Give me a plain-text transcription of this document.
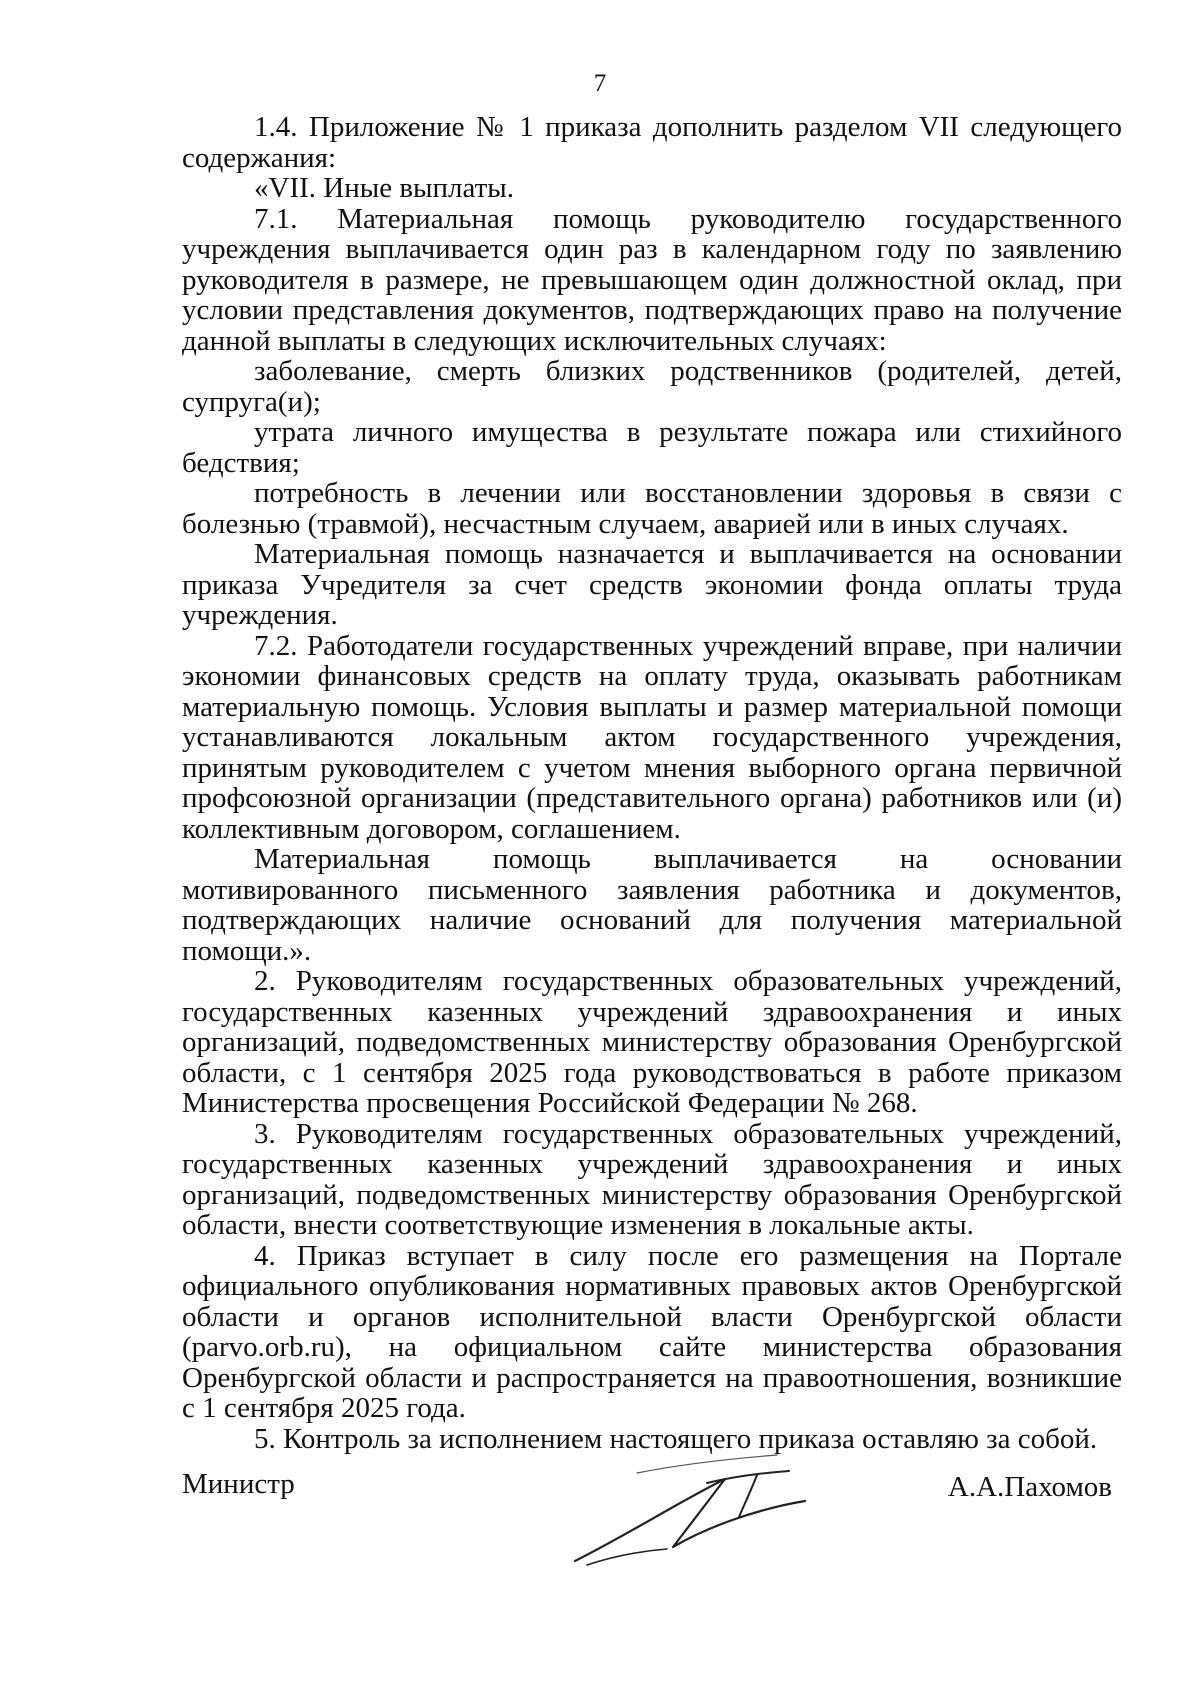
7

1.4. Приложение № 1 приказа дополнить разделом VII следующего содержания:

«VII. Иные выплаты.

7.1. Материальная помощь руководителю государственного учреждения выплачивается один раз в календарном году по заявлению руководителя в размере, не превышающем один должностной оклад, при условии представления документов, подтверждающих право на получение данной выплаты в следующих исключительных случаях:

заболевание, смерть близких родственников (родителей, детей, супруга(и);

утрата личного имущества в результате пожара или стихийного бедствия;

потребность в лечении или восстановлении здоровья в связи с болезнью (травмой), несчастным случаем, аварией или в иных случаях.

Материальная помощь назначается и выплачивается на основании приказа Учредителя за счет средств экономии фонда оплаты труда учреждения.

7.2. Работодатели государственных учреждений вправе, при наличии экономии финансовых средств на оплату труда, оказывать работникам материальную помощь. Условия выплаты и размер материальной помощи устанавливаются локальным актом государственного учреждения, принятым руководителем с учетом мнения выборного органа первичной профсоюзной организации (представительного органа) работников или (и) коллективным договором, соглашением.

Материальная помощь выплачивается на основании мотивированного письменного заявления работника и документов, подтверждающих наличие оснований для получения материальной помощи.».

2. Руководителям государственных образовательных учреждений, государственных казенных учреждений здравоохранения и иных организаций, подведомственных министерству образования Оренбургской области, с 1 сентября 2025 года руководствоваться в работе приказом Министерства просвещения Российской Федерации № 268.

3. Руководителям государственных образовательных учреждений, государственных казенных учреждений здравоохранения и иных организаций, подведомственных министерству образования Оренбургской области, внести соответствующие изменения в локальные акты.

4. Приказ вступает в силу после его размещения на Портале официального опубликования нормативных правовых актов Оренбургской области и органов исполнительной власти Оренбургской области (parvo.orb.ru), на официальном сайте министерства образования Оренбургской области и распространяется на правоотношения, возникшие с 1 сентября 2025 года.

5. Контроль за исполнением настоящего приказа оставляю за собой.

Министр	А.А.Пахомов
